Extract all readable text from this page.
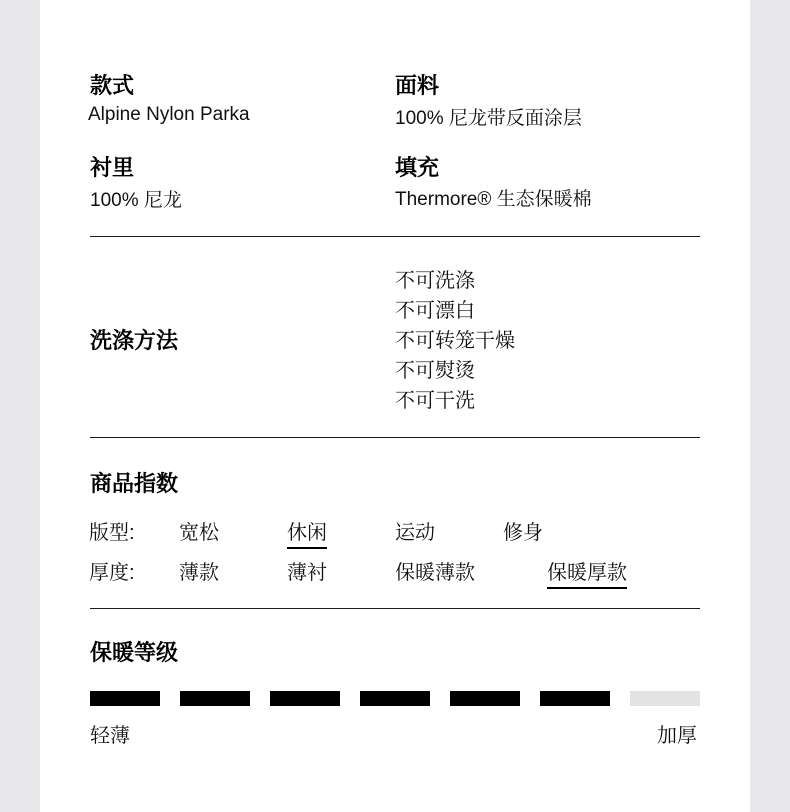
款式
Alpine Nylon Parka
面料
100% 尼龙带反面涂层
衬里
100% 尼龙
填充
Thermore® 生态保暖棉
洗涤方法
不可洗涤
不可漂白
不可转笼干燥
不可熨烫
不可干洗
商品指数
版型: 宽松	休闲	运动	修身
厚度: 薄款	薄衬	保暖薄款	保暖厚款
保暖等级
轻薄	加厚
